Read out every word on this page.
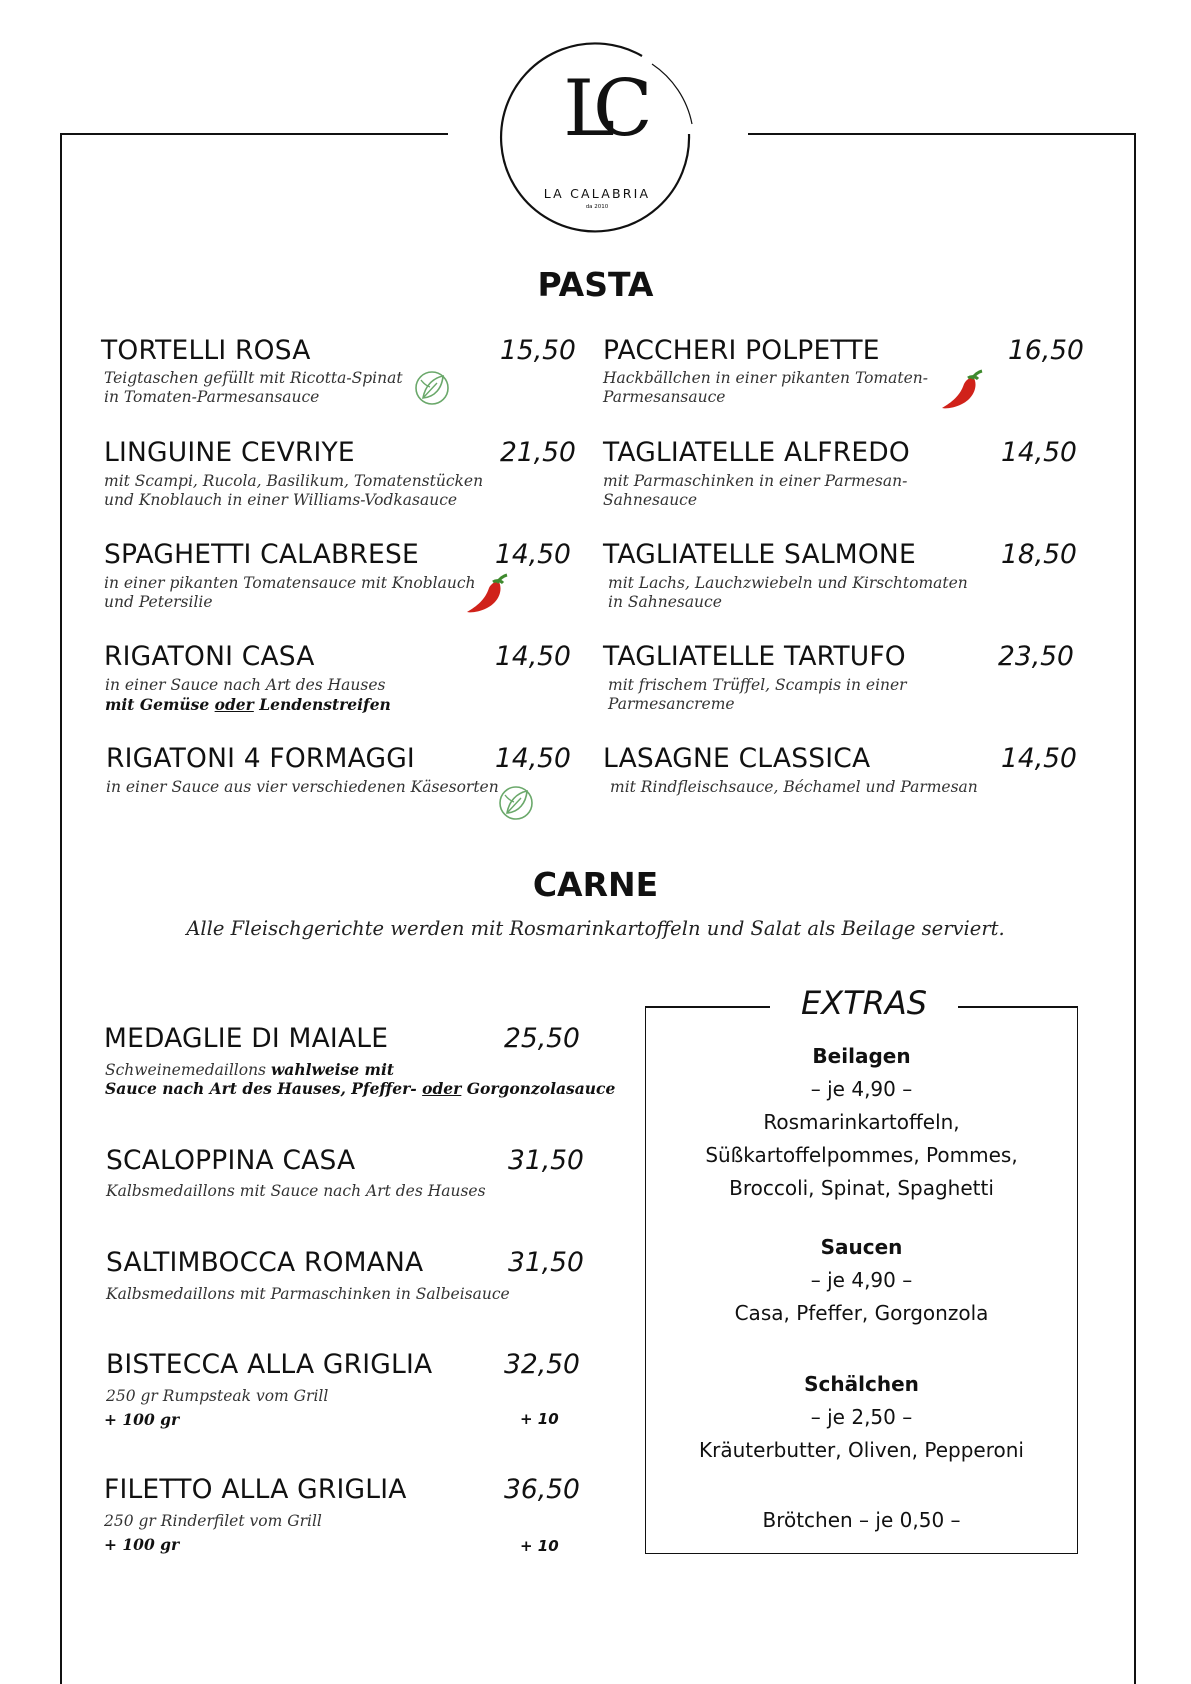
LC
LA CALABRIA
da 2010
PASTA
TORTELLI ROSA	15,50
Teigtaschen gefüllt mit Ricotta-Spinat
in Tomaten-Parmesansauce
PACCHERI POLPETTE	16,50
Hackbällchen in einer pikanten Tomaten-
Parmesansauce
LINGUINE CEVRIYE	21,50
mit Scampi, Rucola, Basilikum, Tomatenstücken
und Knoblauch in einer Williams-Vodkasauce
TAGLIATELLE ALFREDO	14,50
mit Parmaschinken in einer Parmesan-
Sahnesauce
SPAGHETTI CALABRESE	14,50
in einer pikanten Tomatensauce mit Knoblauch
und Petersilie
TAGLIATELLE SALMONE	18,50
mit Lachs, Lauchzwiebeln und Kirschtomaten
in Sahnesauce
RIGATONI CASA	14,50
in einer Sauce nach Art des Hauses
mit Gemüse oder Lendenstreifen
TAGLIATELLE TARTUFO	23,50
mit frischem Trüffel, Scampis in einer
Parmesancreme
RIGATONI 4 FORMAGGI	14,50
in einer Sauce aus vier verschiedenen Käsesorten
LASAGNE CLASSICA	14,50
mit Rindfleischsauce, Béchamel und Parmesan
CARNE
Alle Fleischgerichte werden mit Rosmarinkartoffeln und Salat als Beilage serviert.
MEDAGLIE DI MAIALE	25,50
Schweinemedaillons wahlweise mit
Sauce nach Art des Hauses, Pfeffer- oder Gorgonzolasauce
SCALOPPINA CASA	31,50
Kalbsmedaillons mit Sauce nach Art des Hauses
SALTIMBOCCA ROMANA	31,50
Kalbsmedaillons mit Parmaschinken in Salbeisauce
BISTECCA ALLA GRIGLIA	32,50
250 gr Rumpsteak vom Grill
+ 100 gr	+ 10
FILETTO ALLA GRIGLIA	36,50
250 gr Rinderfilet vom Grill
+ 100 gr	+ 10
EXTRAS
Beilagen
– je 4,90 –
Rosmarinkartoffeln,
Süßkartoffelpommes, Pommes,
Broccoli, Spinat, Spaghetti
Saucen
– je 4,90 –
Casa, Pfeffer, Gorgonzola
Schälchen
– je 2,50 –
Kräuterbutter, Oliven, Pepperoni
Brötchen – je 0,50 –
